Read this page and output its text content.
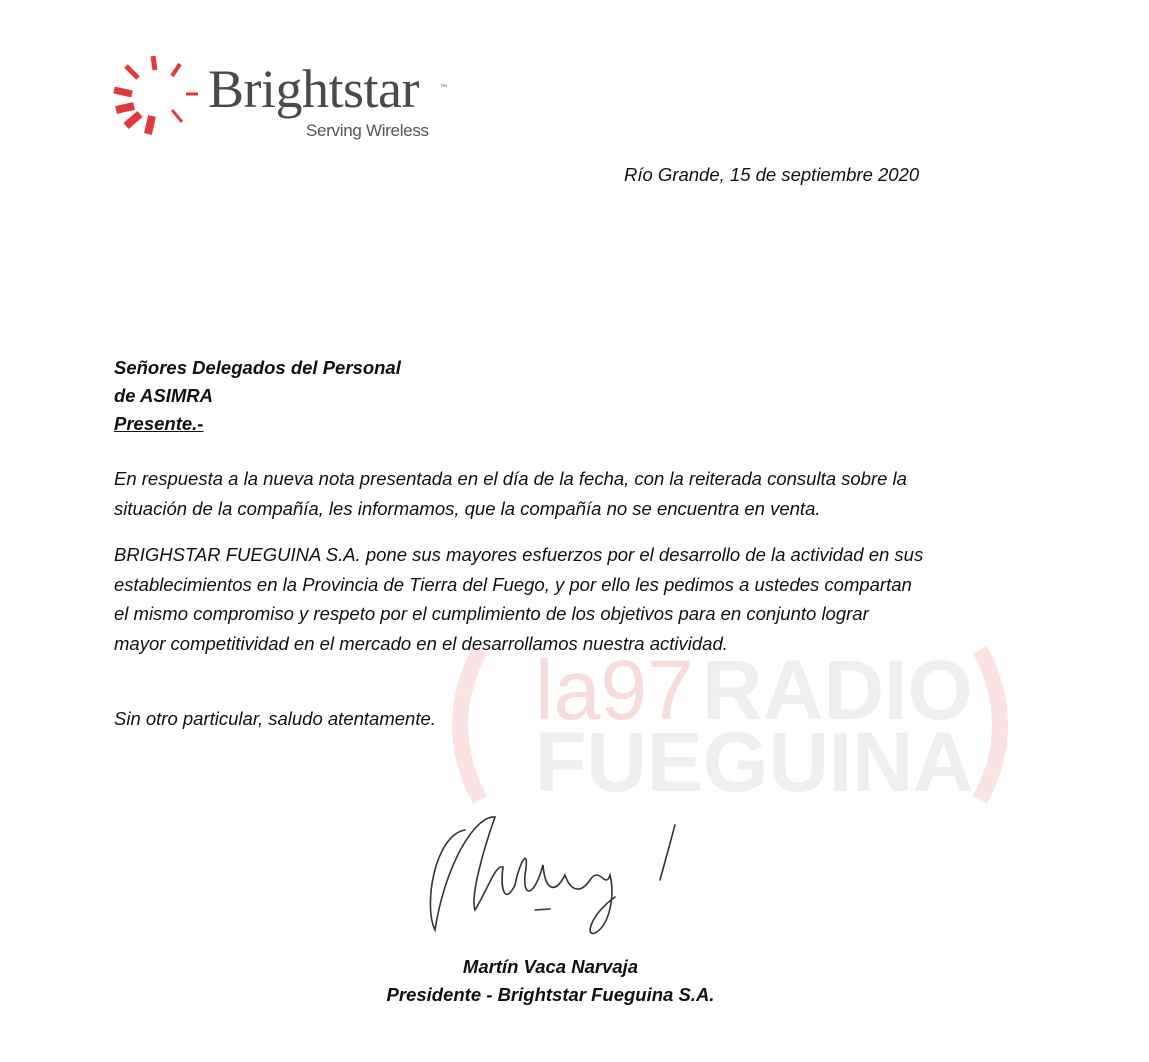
Brightstar	™
Serving Wireless
la97 RADIO
FUEGUINA
Río Grande, 15 de septiembre 2020
Señores Delegados del Personal
de ASIMRA
Presente.-
En respuesta a la nueva nota presentada en el día de la fecha, con la reiterada consulta sobre la
situación de la compañía, les informamos, que la compañía no se encuentra en venta.
BRIGHSTAR FUEGUINA S.A. pone sus mayores esfuerzos por el desarrollo de la actividad en sus
establecimientos en la Provincia de Tierra del Fuego, y por ello les pedimos a ustedes compartan
el mismo compromiso y respeto por el cumplimiento de los objetivos para en conjunto lograr
mayor competitividad en el mercado en el desarrollamos nuestra actividad.
Sin otro particular, saludo atentamente.
Martín Vaca Narvaja
Presidente - Brightstar Fueguina S.A.
